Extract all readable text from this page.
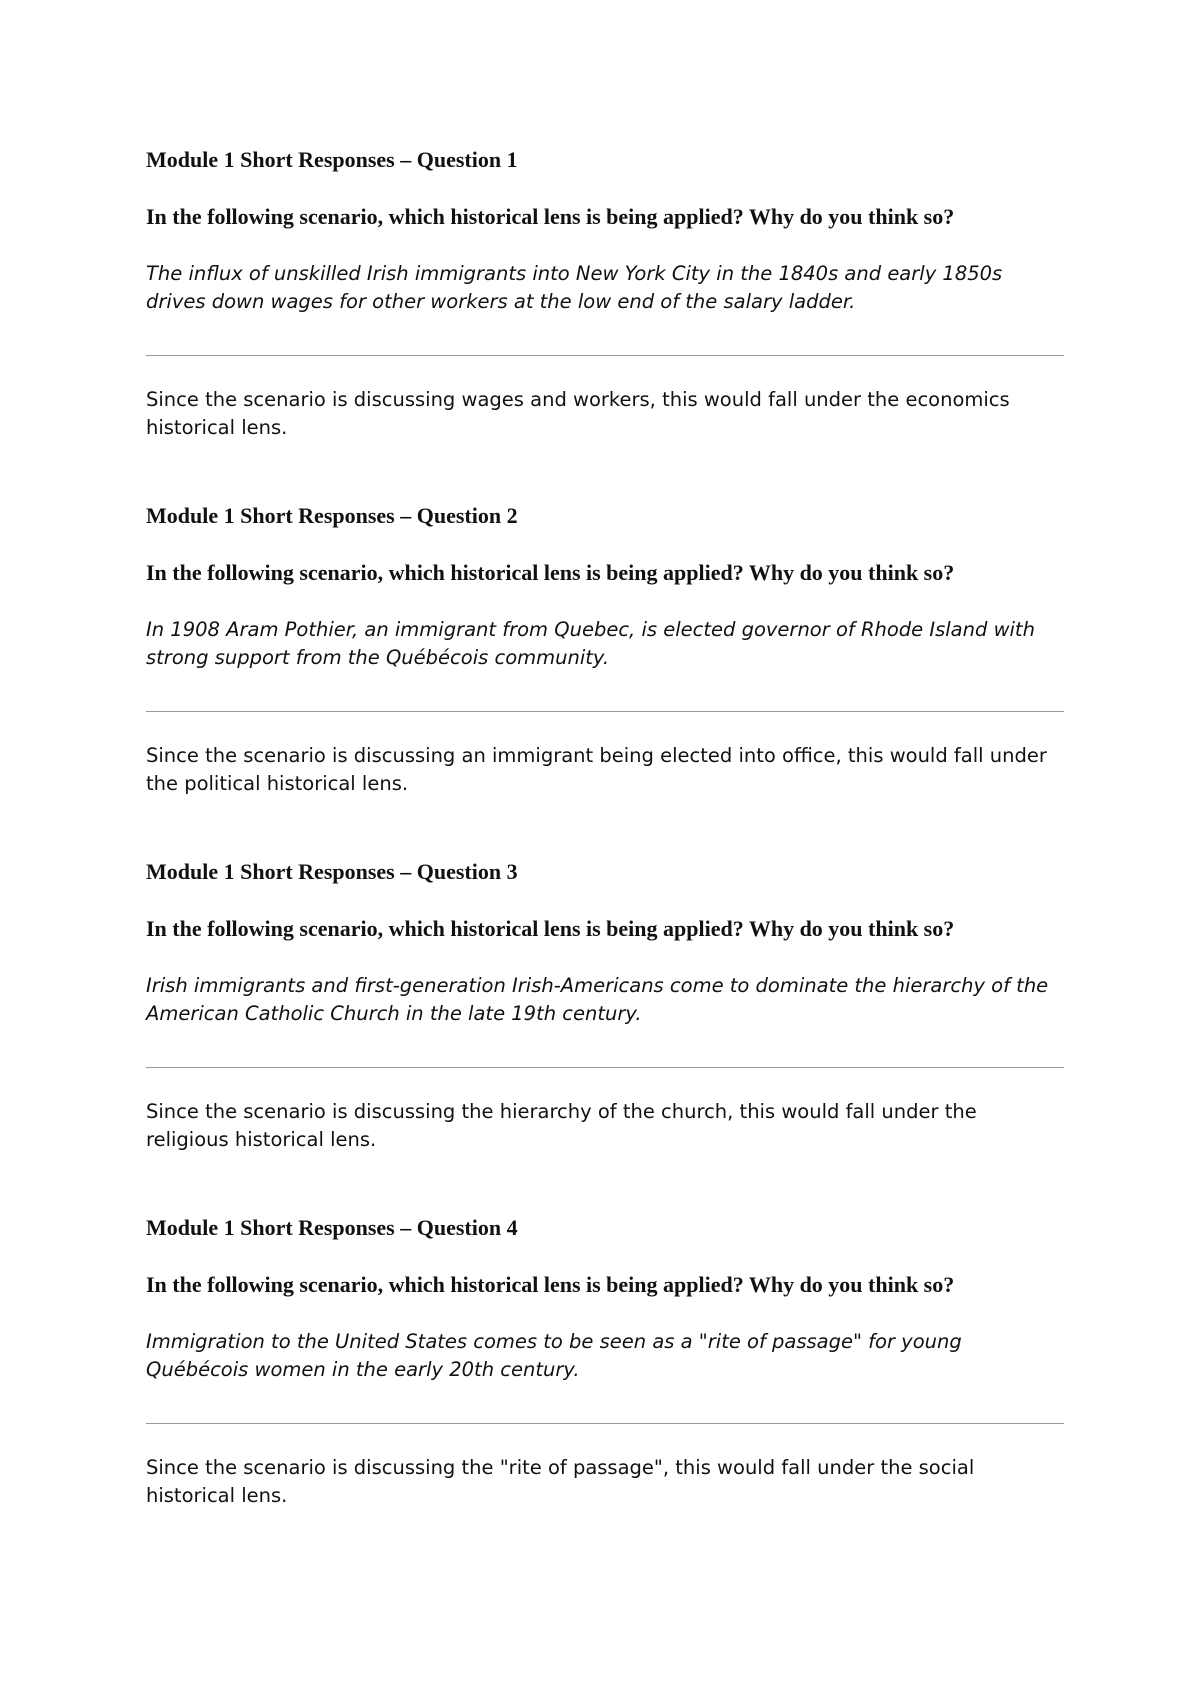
Module 1 Short Responses – Question 1

In the following scenario, which historical lens is being applied? Why do you think so?

The influx of unskilled Irish immigrants into New York City in the 1840s and early 1850s drives down wages for other workers at the low end of the salary ladder.

Since the scenario is discussing wages and workers, this would fall under the economics historical lens.

Module 1 Short Responses – Question 2

In the following scenario, which historical lens is being applied? Why do you think so?

In 1908 Aram Pothier, an immigrant from Quebec, is elected governor of Rhode Island with strong support from the Québécois community.

Since the scenario is discussing an immigrant being elected into office, this would fall under the political historical lens.

Module 1 Short Responses – Question 3

In the following scenario, which historical lens is being applied? Why do you think so?

Irish immigrants and first-generation Irish-Americans come to dominate the hierarchy of the American Catholic Church in the late 19th century.

Since the scenario is discussing the hierarchy of the church, this would fall under the religious historical lens.

Module 1 Short Responses – Question 4

In the following scenario, which historical lens is being applied? Why do you think so?

Immigration to the United States comes to be seen as a "rite of passage" for young Québécois women in the early 20th century.

Since the scenario is discussing the "rite of passage", this would fall under the social historical lens.
